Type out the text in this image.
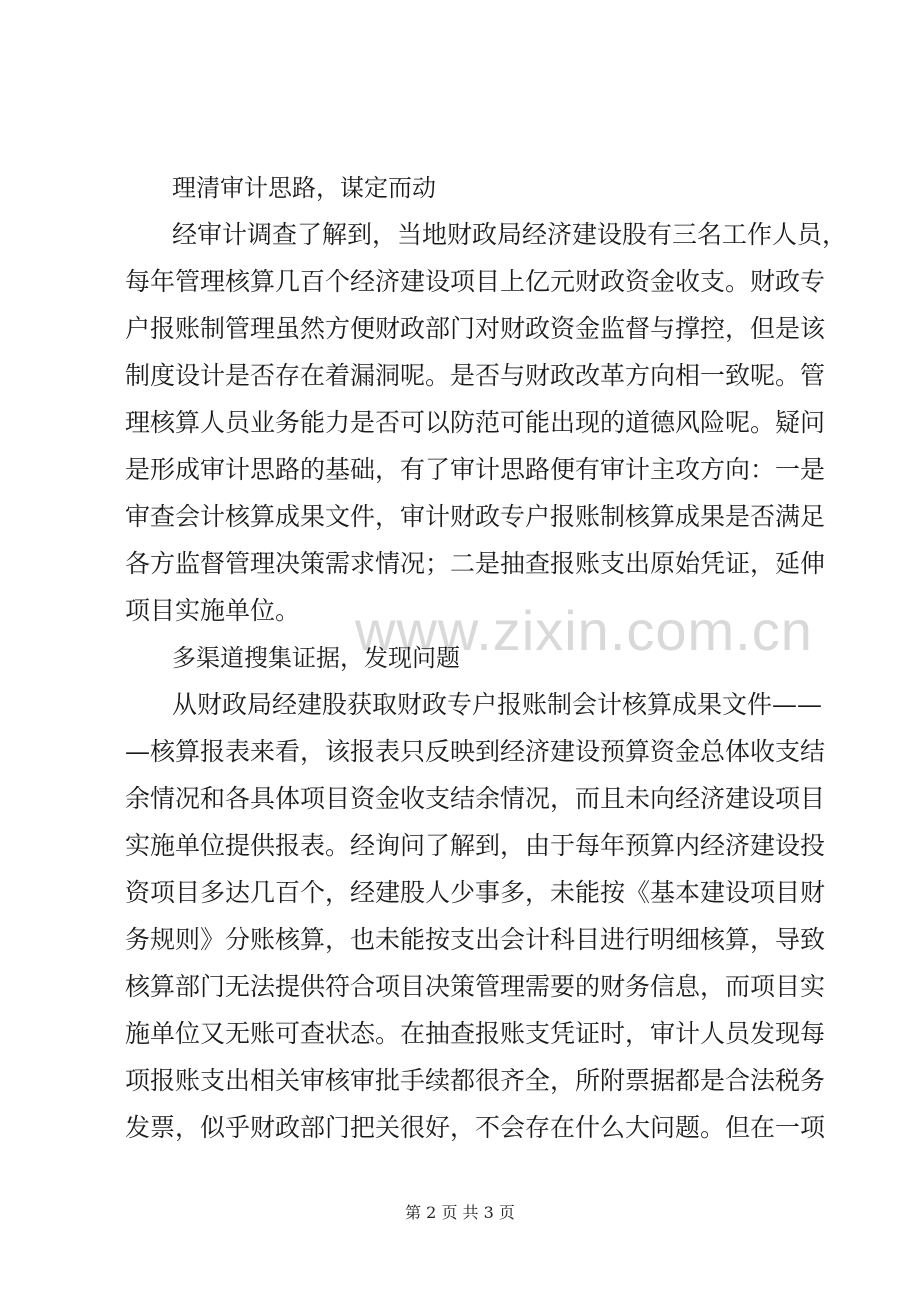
理清审计思路，谋定而动
经审计调查了解到，当地财政局经济建设股有三名工作人员，
每年管理核算几百个经济建设项目上亿元财政资金收支。财政专
户报账制管理虽然方便财政部门对财政资金监督与撑控，但是该
制度设计是否存在着漏洞呢。是否与财政改革方向相一致呢。管
理核算人员业务能力是否可以防范可能出现的道德风险呢。疑问
是形成审计思路的基础，有了审计思路便有审计主攻方向：一是
审查会计核算成果文件，审计财政专户报账制核算成果是否满足
各方监督管理决策需求情况；二是抽查报账支出原始凭证，延伸
项目实施单位。 www.zixin.com.cn
多渠道搜集证据，发现问题
从财政局经建股获取财政专户报账制会计核算成果文件——
—核算报表来看，该报表只反映到经济建设预算资金总体收支结
余情况和各具体项目资金收支结余情况，而且未向经济建设项目
实施单位提供报表。经询问了解到，由于每年预算内经济建设投
资项目多达几百个，经建股人少事多，未能按《基本建设项目财
务规则》分账核算，也未能按支出会计科目进行明细核算，导致
核算部门无法提供符合项目决策管理需要的财务信息，而项目实
施单位又无账可查状态。在抽查报账支凭证时，审计人员发现每
项报账支出相关审核审批手续都很齐全，所附票据都是合法税务
发票，似乎财政部门把关很好，不会存在什么大问题。但在一项
第 2 页 共 3 页
